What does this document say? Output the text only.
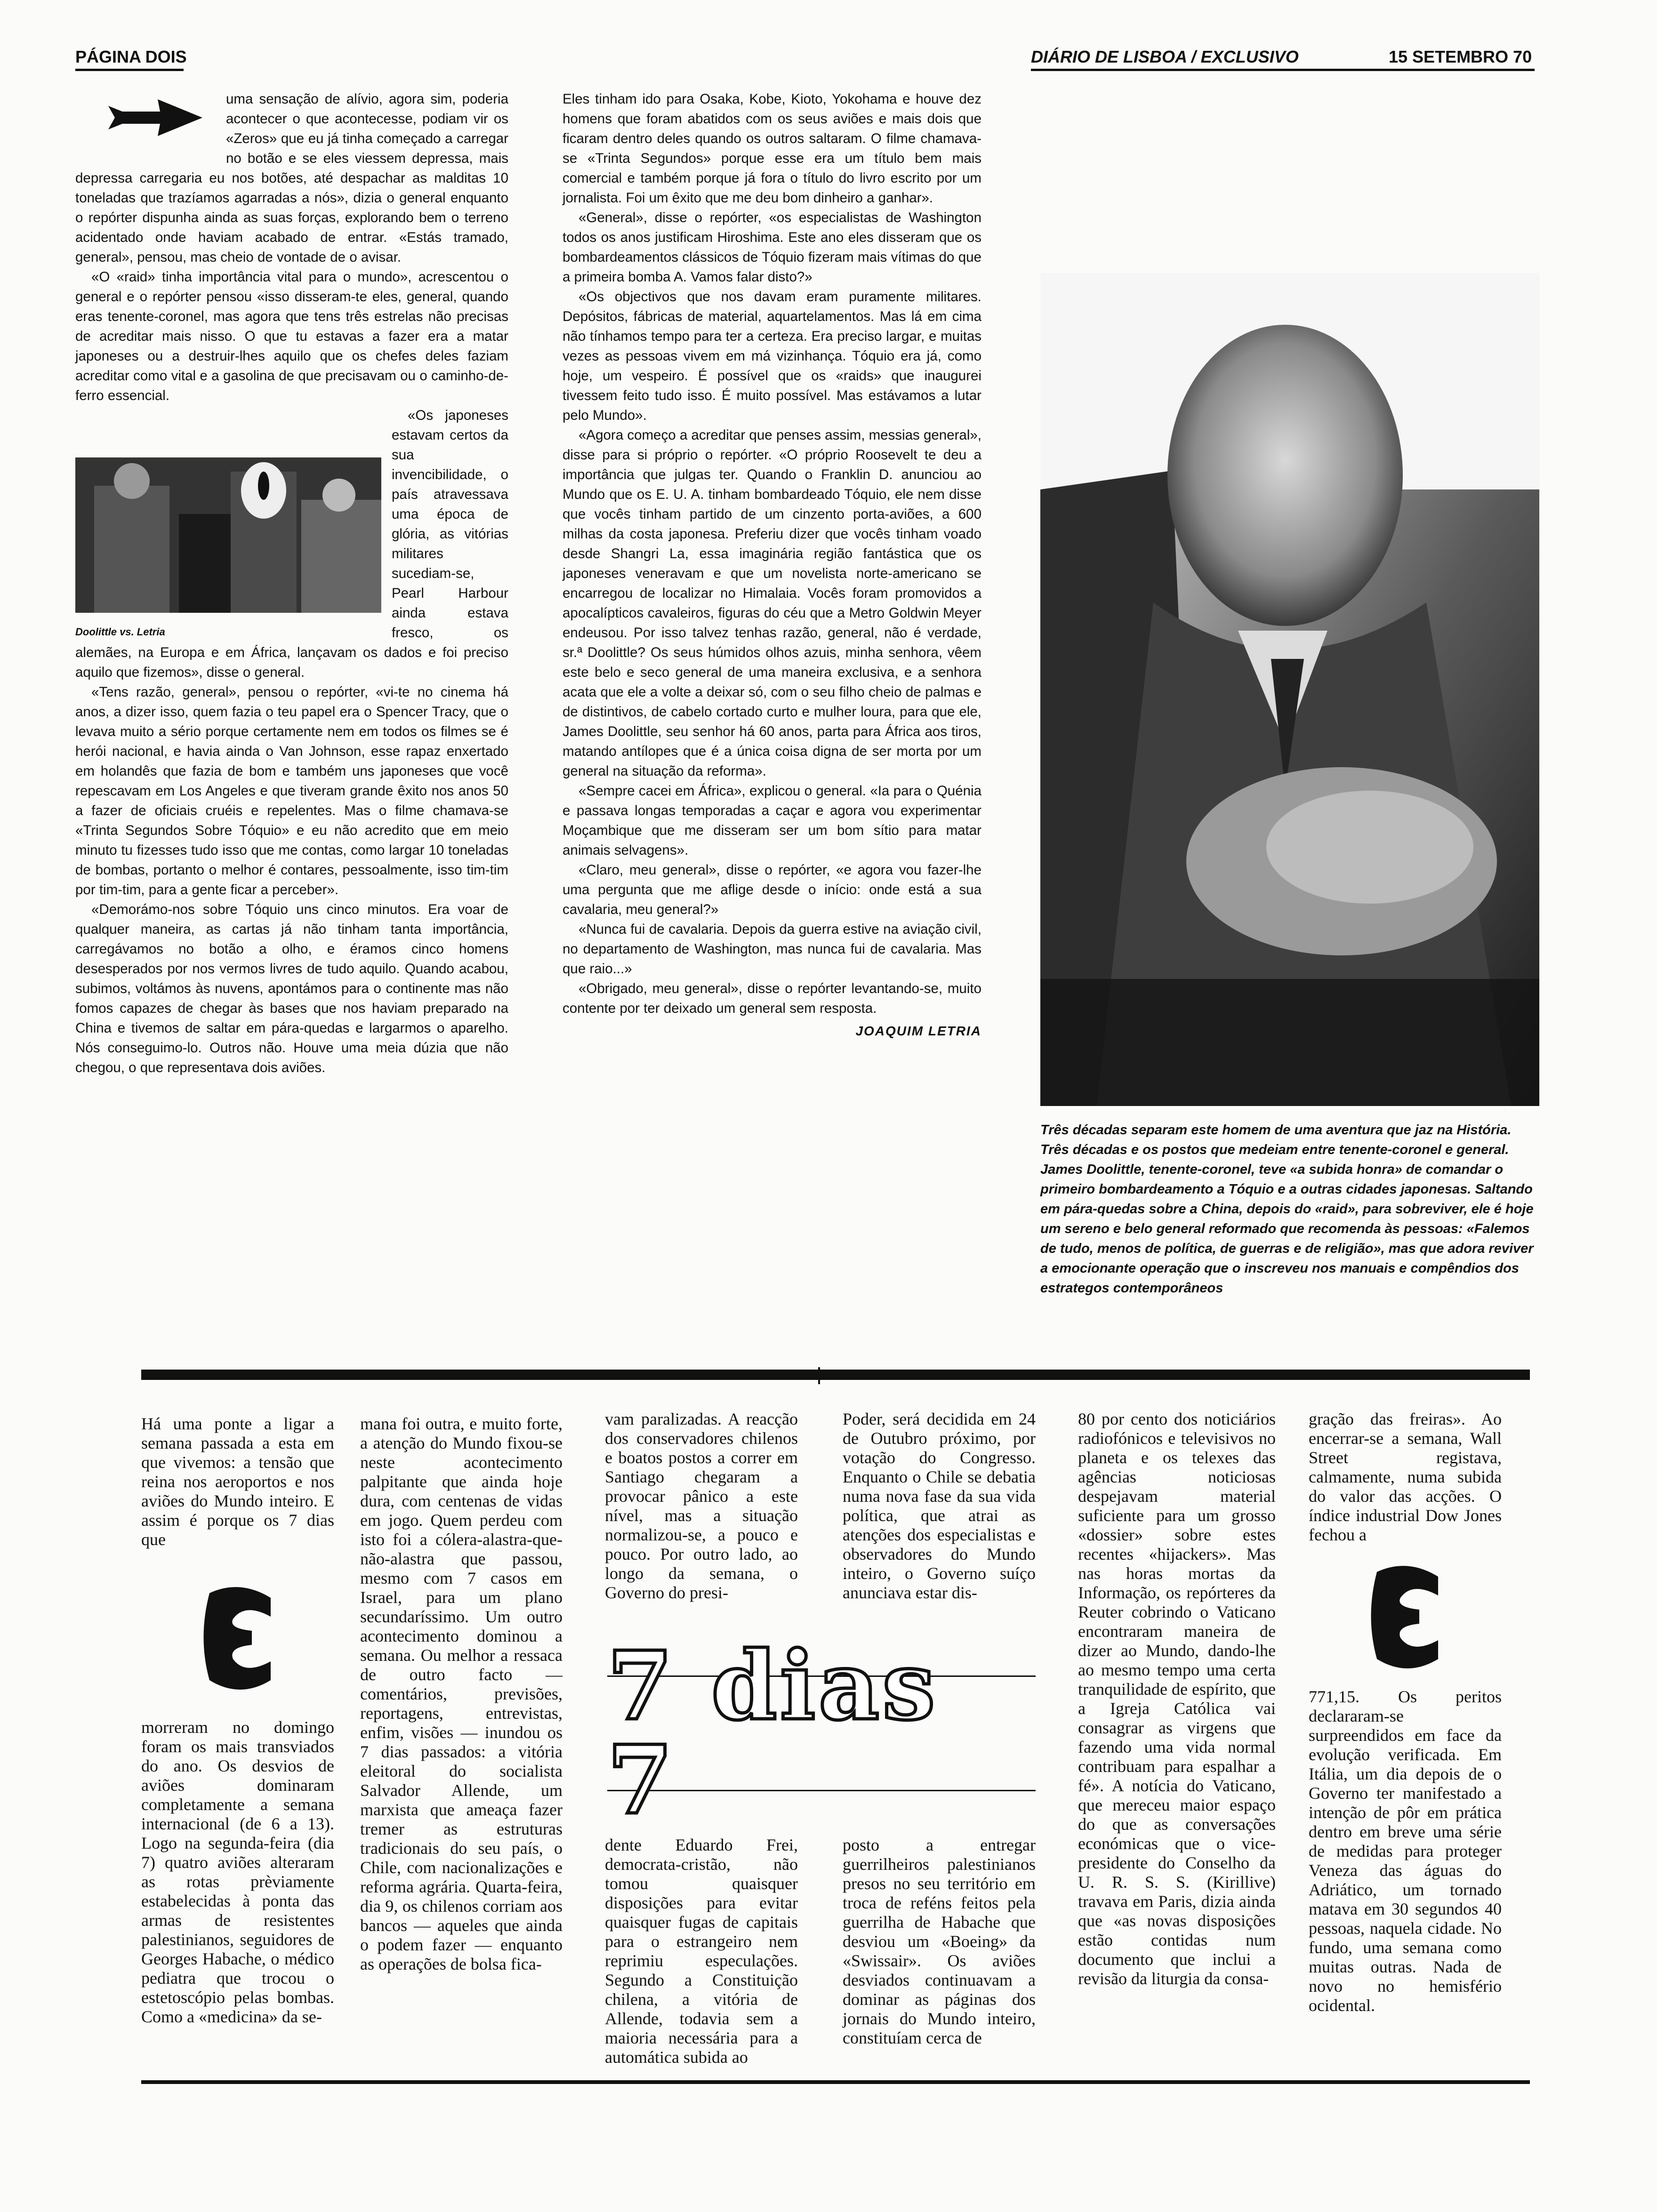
PÁGINA DOIS	DIÁRIO DE LISBOA / EXCLUSIVO	15 SETEMBRO 70

uma sensação de alívio, agora sim, poderia acontecer o que acontecesse, podiam vir os «Zeros» que eu já tinha começado a carregar no botão e se eles viessem depressa, mais depressa carregaria eu nos botões, até despachar as malditas 10 toneladas que trazíamos agarradas a nós», dizia o general enquanto o repórter dispunha ainda as suas forças, explorando bem o terreno acidentado onde haviam acabado de entrar. «Estás tramado, general», pensou, mas cheio de vontade de o avisar.

«O «raid» tinha importância vital para o mundo», acrescentou o general e o repórter pensou «isso disseram-te eles, general, quando eras tenente-coronel, mas agora que tens três estrelas não precisas de acreditar mais nisso. O que tu estavas a fazer era a matar japoneses ou a destruir-lhes aquilo que os chefes deles faziam acreditar como vital e a gasolina de que precisavam ou o caminho-de-ferro essencial.

Doolittle vs. Letria

«Os japoneses estavam certos da sua invencibilidade, o país atravessava uma época de glória, as vitórias militares sucediam-se, Pearl Harbour ainda estava fresco, os alemães, na Europa e em África, lançavam os dados e foi preciso aquilo que fizemos», disse o general.

«Tens razão, general», pensou o repórter, «vi-te no cinema há anos, a dizer isso, quem fazia o teu papel era o Spencer Tracy, que o levava muito a sério porque certamente nem em todos os filmes se é herói nacional, e havia ainda o Van Johnson, esse rapaz enxertado em holandês que fazia de bom e também uns japoneses que você repescavam em Los Angeles e que tiveram grande êxito nos anos 50 a fazer de oficiais cruéis e repelentes. Mas o filme chamava-se «Trinta Segundos Sobre Tóquio» e eu não acredito que em meio minuto tu fizesses tudo isso que me contas, como largar 10 toneladas de bombas, portanto o melhor é contares, pessoalmente, isso tim-tim por tim-tim, para a gente ficar a perceber».

«Demorámo-nos sobre Tóquio uns cinco minutos. Era voar de qualquer maneira, as cartas já não tinham tanta importância, carregávamos no botão a olho, e éramos cinco homens desesperados por nos vermos livres de tudo aquilo. Quando acabou, subimos, voltámos às nuvens, apontámos para o continente mas não fomos capazes de chegar às bases que nos haviam preparado na China e tivemos de saltar em pára-quedas e largarmos o aparelho. Nós conseguimo-lo. Outros não. Houve uma meia dúzia que não chegou, o que representava dois aviões.

Eles tinham ido para Osaka, Kobe, Kioto, Yokohama e houve dez homens que foram abatidos com os seus aviões e mais dois que ficaram dentro deles quando os outros saltaram. O filme chamava-se «Trinta Segundos» porque esse era um título bem mais comercial e também porque já fora o título do livro escrito por um jornalista. Foi um êxito que me deu bom dinheiro a ganhar».

«General», disse o repórter, «os especialistas de Washington todos os anos justificam Hiroshima. Este ano eles disseram que os bombardeamentos clássicos de Tóquio fizeram mais vítimas do que a primeira bomba A. Vamos falar disto?»

«Os objectivos que nos davam eram puramente militares. Depósitos, fábricas de material, aquartelamentos. Mas lá em cima não tínhamos tempo para ter a certeza. Era preciso largar, e muitas vezes as pessoas vivem em má vizinhança. Tóquio era já, como hoje, um vespeiro. É possível que os «raids» que inaugurei tivessem feito tudo isso. É muito possível. Mas estávamos a lutar pelo Mundo».

«Agora começo a acreditar que penses assim, messias general», disse para si próprio o repórter. «O próprio Roosevelt te deu a importância que julgas ter. Quando o Franklin D. anunciou ao Mundo que os E. U. A. tinham bombardeado Tóquio, ele nem disse que vocês tinham partido de um cinzento porta-aviões, a 600 milhas da costa japonesa. Preferiu dizer que vocês tinham voado desde Shangri La, essa imaginária região fantástica que os japoneses veneravam e que um novelista norte-americano se encarregou de localizar no Himalaia. Vocês foram promovidos a apocalípticos cavaleiros, figuras do céu que a Metro Goldwin Meyer endeusou. Por isso talvez tenhas razão, general, não é verdade, sr.ª Doolittle? Os seus húmidos olhos azuis, minha senhora, vêem este belo e seco general de uma maneira exclusiva, e a senhora acata que ele a volte a deixar só, com o seu filho cheio de palmas e de distintivos, de cabelo cortado curto e mulher loura, para que ele, James Doolittle, seu senhor há 60 anos, parta para África aos tiros, matando antílopes que é a única coisa digna de ser morta por um general na situação da reforma».

«Sempre cacei em África», explicou o general. «Ia para o Quénia e passava longas temporadas a caçar e agora vou experimentar Moçambique que me disseram ser um bom sítio para matar animais selvagens».

«Claro, meu general», disse o repórter, «e agora vou fazer-lhe uma pergunta que me aflige desde o início: onde está a sua cavalaria, meu general?»

«Nunca fui de cavalaria. Depois da guerra estive na aviação civil, no departamento de Washington, mas nunca fui de cavalaria. Mas que raio...»

«Obrigado, meu general», disse o repórter levantando-se, muito contente por ter deixado um general sem resposta.

JOAQUIM LETRIA
Três décadas separam este homem de uma aventura que jaz na História. Três décadas e os postos que medeiam entre tenente-coronel e general. James Doolittle, tenente-coronel, teve «a subida honra» de comandar o primeiro bombardeamento a Tóquio e a outras cidades japonesas. Saltando em pára-quedas sobre a China, depois do «raid», para sobreviver, ele é hoje um sereno e belo general reformado que recomenda às pessoas: «Falemos de tudo, menos de política, de guerras e de religião», mas que adora reviver a emocionante operação que o inscreveu nos manuais e compêndios dos estrategos contemporâneos

Há uma ponte a ligar a semana passada a esta em que vivemos: a tensão que reina nos aeroportos e nos aviões do Mundo inteiro. E assim é porque os 7 dias que

morreram no domingo foram os mais transviados do ano. Os desvios de aviões dominaram completamente a semana internacional (de 6 a 13). Logo na segunda-feira (dia 7) quatro aviões alteraram as rotas prèviamente estabelecidas à ponta das armas de resistentes palestinianos, seguidores de Georges Habache, o médico pediatra que trocou o estetoscópio pelas bombas. Como a «medicina» da se-

mana foi outra, e muito forte, a atenção do Mundo fixou-se neste acontecimento palpitante que ainda hoje dura, com centenas de vidas em jogo. Quem perdeu com isto foi a cólera-alastra-que-não-alastra que passou, mesmo com 7 casos em Israel, para um plano secundaríssimo. Um outro acontecimento dominou a semana. Ou melhor a ressaca de outro facto — comentários, previsões, reportagens, entrevistas, enfim, visões — inundou os 7 dias passados: a vitória eleitoral do socialista Salvador Allende, um marxista que ameaça fazer tremer as estruturas tradicionais do seu país, o Chile, com nacionalizações e reforma agrária. Quarta-feira, dia 9, os chilenos corriam aos bancos — aqueles que ainda o podem fazer — enquanto as operações de bolsa fica-

vam paralizadas. A reacção dos conservadores chilenos e boatos postos a correr em Santiago chegaram a provocar pânico a este nível, mas a situação normalizou-se, a pouco e pouco. Por outro lado, ao longo da semana, o Governo do presi-

Poder, será decidida em 24 de Outubro próximo, por votação do Congresso. Enquanto o Chile se debatia numa nova fase da sua vida política, que atrai as atenções dos especialistas e observadores do Mundo inteiro, o Governo suíço anunciava estar dis-

7 dias 7

dente Eduardo Frei, democrata-cristão, não tomou quaisquer disposições para evitar quaisquer fugas de capitais para o estrangeiro nem reprimiu especulações. Segundo a Constituição chilena, a vitória de Allende, todavia sem a maioria necessária para a automática subida ao

posto a entregar guerrilheiros palestinianos presos no seu território em troca de reféns feitos pela guerrilha de Habache que desviou um «Boeing» da «Swissair». Os aviões desviados continuavam a dominar as páginas dos jornais do Mundo inteiro, constituíam cerca de

80 por cento dos noticiários radiofónicos e televisivos no planeta e os telexes das agências noticiosas despejavam material suficiente para um grosso «dossier» sobre estes recentes «hijackers». Mas nas horas mortas da Informação, os repórteres da Reuter cobrindo o Vaticano encontraram maneira de dizer ao Mundo, dando-lhe ao mesmo tempo uma certa tranquilidade de espírito, que a Igreja Católica vai consagrar as virgens que fazendo uma vida normal contribuam para espalhar a fé». A notícia do Vaticano, que mereceu maior espaço do que as conversações económicas que o vice-presidente do Conselho da U. R. S. S. (Kirillive) travava em Paris, dizia ainda que «as novas disposições estão contidas num documento que inclui a revisão da liturgia da consa-

gração das freiras». Ao encerrar-se a semana, Wall Street registava, calmamente, numa subida do valor das acções. O índice industrial Dow Jones fechou a

771,15. Os peritos declararam-se surpreendidos em face da evolução verificada. Em Itália, um dia depois de o Governo ter manifestado a intenção de pôr em prática dentro em breve uma série de medidas para proteger Veneza das águas do Adriático, um tornado matava em 30 segundos 40 pessoas, naquela cidade. No fundo, uma semana como muitas outras. Nada de novo no hemisfério ocidental.
